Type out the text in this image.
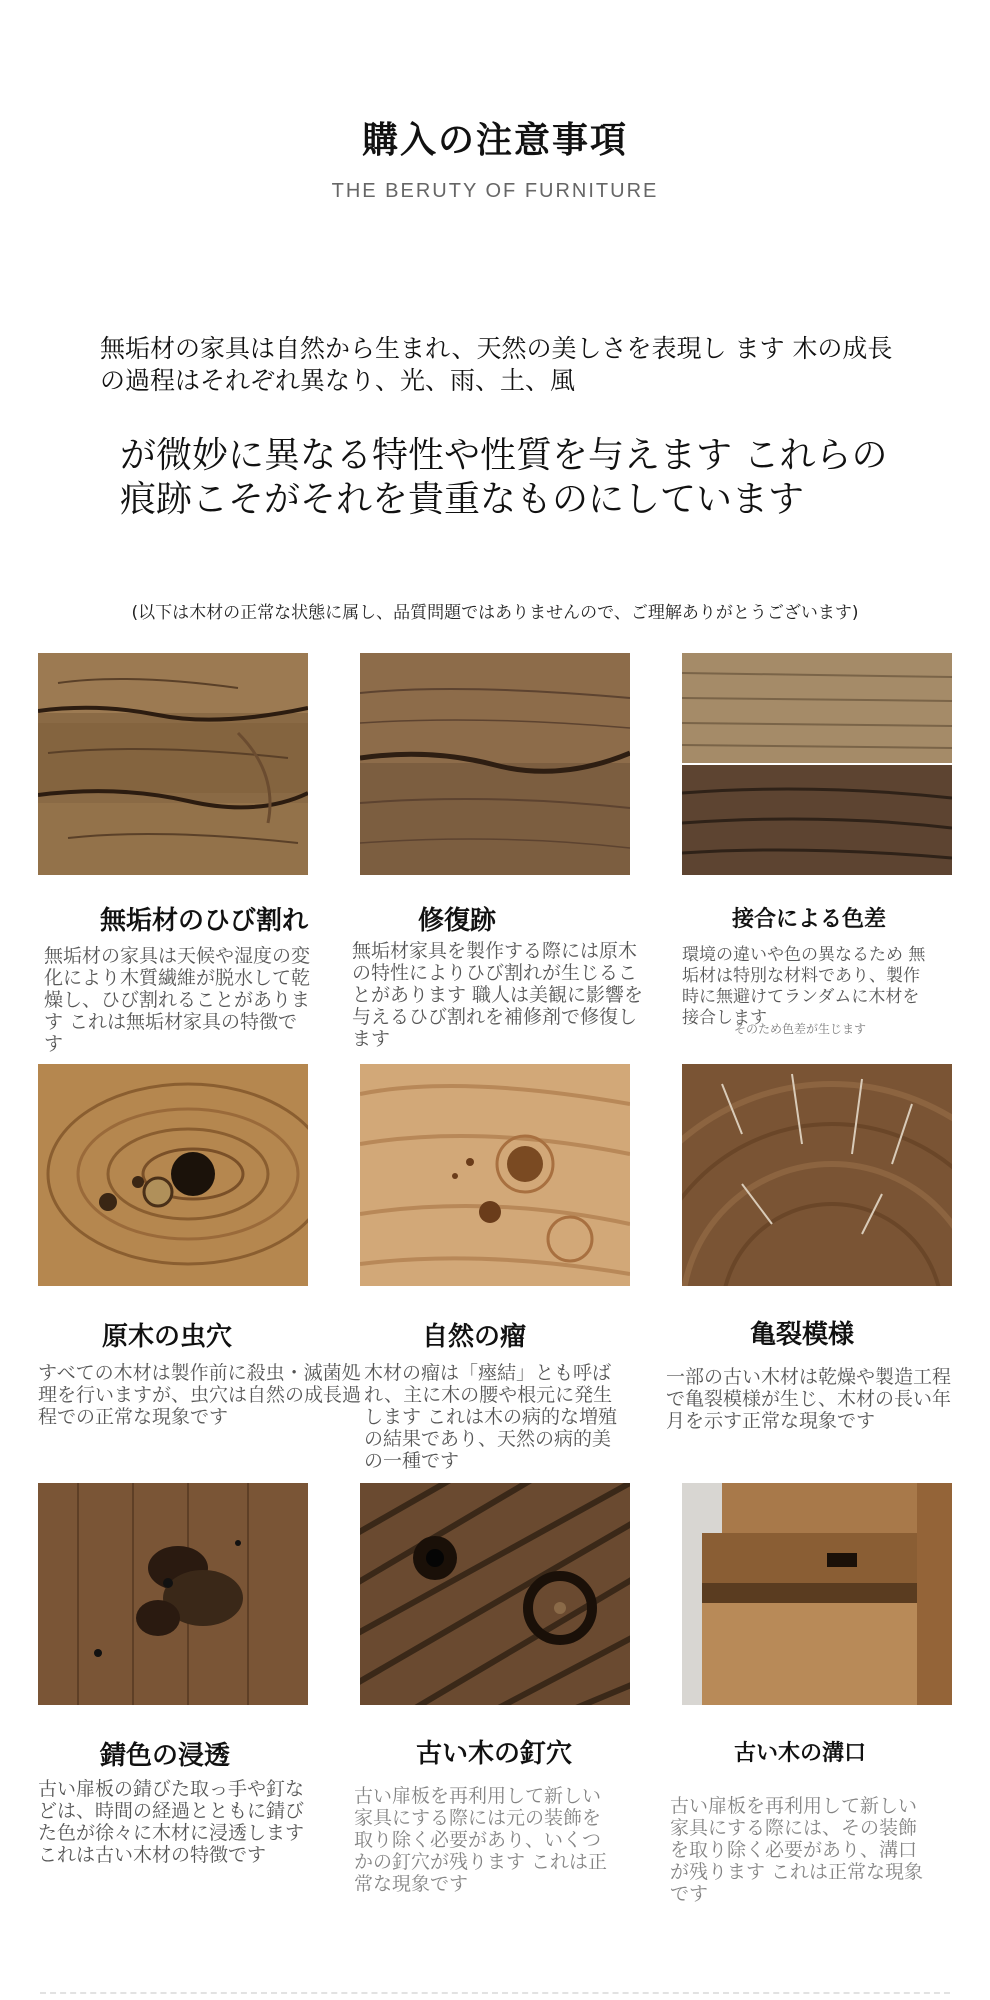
購入の注意事項
THE BERUTY OF FURNITURE
無垢材の家具は自然から生まれ、天然の美しさを表現し ます 木の成長の過程はそれぞれ異なり、光、雨、土、風
が微妙に異なる特性や性質を与えます これらの痕跡こそがそれを貴重なものにしています
(以下は木材の正常な状態に属し、品質問題ではありませんので、ご理解ありがとうございます)
無垢材のひび割れ	修復跡	接合による色差
無垢材の家具は天候や湿度の変化により木質繊維が脱水して乾燥し、ひび割れることがあります これは無垢材家具の特徴です
無垢材家具を製作する際には原木の特性によりひび割れが生じることがあります 職人は美観に影響を与えるひび割れを補修剤で修復します
環境の違いや色の異なるため 無垢材は特別な材料であり、製作時に無避けてランダムに木材を接合します
そのため色差が生じます
原木の虫穴	自然の瘤	亀裂模様
すべての木材は製作前に殺虫・滅菌処理を行いますが、虫穴は自然の成長過程での正常な現象です
木材の瘤は「瘞結」とも呼ばれ、主に木の腰や根元に発生します これは木の病的な増殖の結果であり、天然の病的美の一種です
一部の古い木材は乾燥や製造工程で亀裂模様が生じ、木材の長い年月を示す正常な現象です
錆色の浸透	古い木の釘穴	古い木の溝口
古い扉板の錆びた取っ手や釘などは、時間の経過とともに錆びた色が徐々に木材に浸透します これは古い木材の特徴です
古い扉板を再利用して新しい家具にする際には元の装飾を取り除く必要があり、いくつかの釘穴が残ります これは正常な現象です
古い扉板を再利用して新しい家具にする際には、その装飾を取り除く必要があり、溝口が残ります これは正常な現象です
